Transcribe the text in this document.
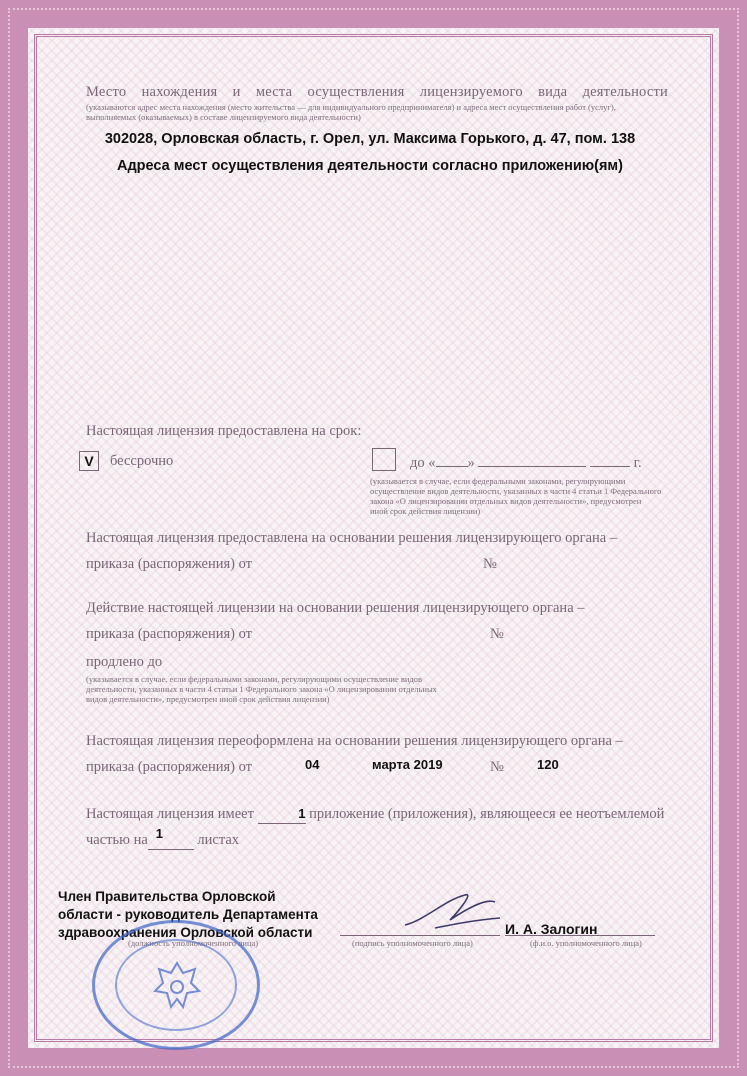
Место нахождения и места осуществления лицензируемого вида деятельности
(указываются адрес места нахождения (место жительства — для индивидуального предпринимателя) и адреса мест осуществления работ (услуг),
выполняемых (оказываемых) в составе лицензируемого вида деятельности)
302028, Орловская область, г. Орел, ул. Максима Горького, д. 47, пом. 138
Адреса мест осуществления деятельности согласно приложению(ям)
Настоящая лицензия предоставлена на срок:
V	бессрочно	до « »	г.
(указывается в случае, если федеральными законами, регулирующими
осуществление видов деятельности, указанных в части 4 статьи 1 Федерального
закона «О лицензировании отдельных видов деятельности», предусмотрен
иной срок действия лицензии)
Настоящая лицензия предоставлена на основании решения лицензирующего органа –
приказа (распоряжения) от	№
Действие настоящей лицензии на основании решения лицензирующего органа –
приказа (распоряжения) от	№
продлено до
(указывается в случае, если федеральными законами, регулирующими осуществление видов
деятельности, указанных в части 4 статьи 1 Федерального закона «О лицензировании отдельных
видов деятельности», предусмотрен иной срок действия лицензии)
Настоящая лицензия переоформлена на основании решения лицензирующего органа –
приказа (распоряжения) от	04	марта 2019	№	120
Настоящая лицензия имеет	1 приложение (приложения), являющееся ее неотъемлемой
частью на 1 листах
Член Правительства Орловской
области - руководитель Департамента
здравоохранения Орловской области
(должность уполномоченного лица)	(подпись уполномоченного лица)
И. А. Залогин
(ф.и.о. уполномоченного лица)
